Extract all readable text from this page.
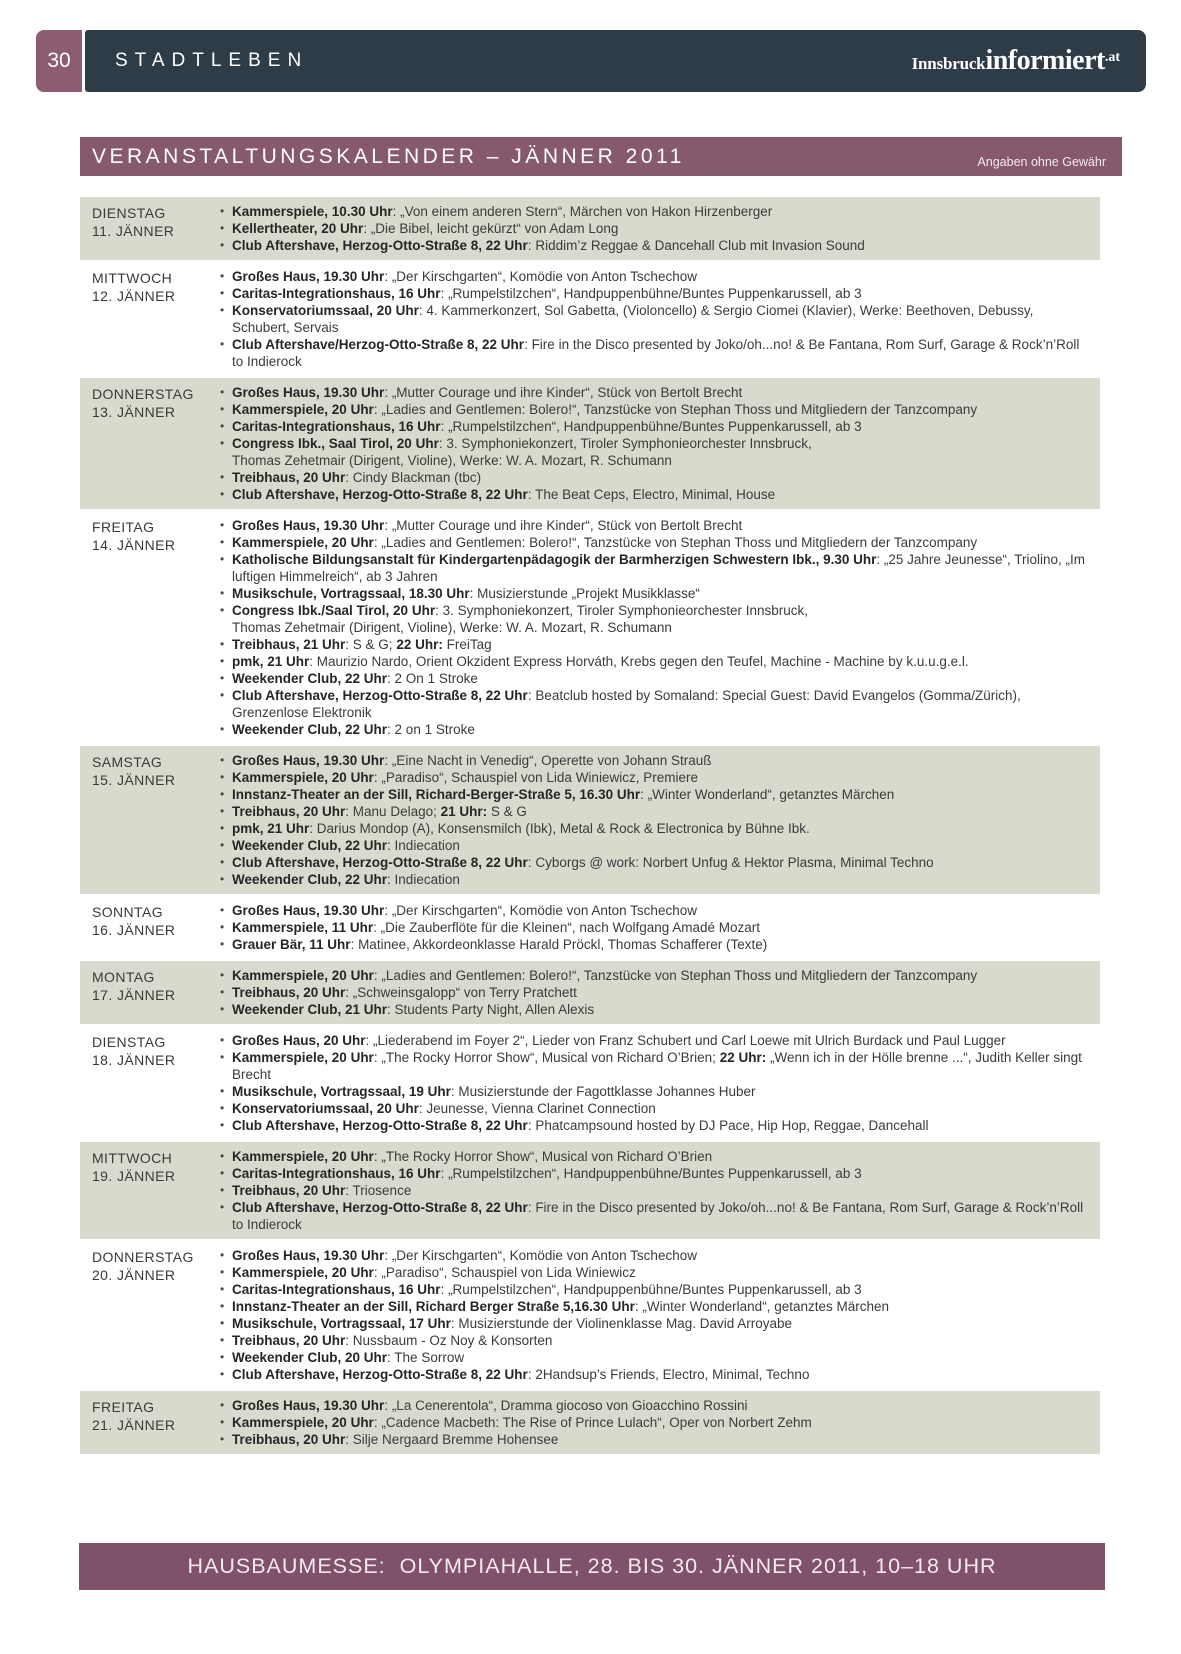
30	STADTLEBEN	Innsbruck informiert .at
VERANSTALTUNGSKALENDER – JÄNNER 2011	Angaben ohne Gewähr
DIENSTAG
11. JÄNNER
• Kammerspiele, 10.30 Uhr: „Von einem anderen Stern“, Märchen von Hakon Hirzenberger
• Kellertheater, 20 Uhr: „Die Bibel, leicht gekürzt“ von Adam Long
• Club Aftershave, Herzog-Otto-Straße 8, 22 Uhr: Riddim’z Reggae & Dancehall Club mit Invasion Sound
MITTWOCH
12. JÄNNER
• Großes Haus, 19.30 Uhr: „Der Kirschgarten“, Komödie von Anton Tschechow
• Caritas-Integrationshaus, 16 Uhr: „Rumpelstilzchen“, Handpuppenbühne/Buntes Puppenkarussell, ab 3
• Konservatoriumssaal, 20 Uhr: 4. Kammerkonzert, Sol Gabetta, (Violoncello) & Sergio Ciomei (Klavier), Werke: Beethoven, Debussy, Schubert, Servais
• Club Aftershave/Herzog-Otto-Straße 8, 22 Uhr: Fire in the Disco presented by Joko/oh...no! & Be Fantana, Rom Surf, Garage & Rock’n’Roll to Indierock
DONNERSTAG
13. JÄNNER
• Großes Haus, 19.30 Uhr: „Mutter Courage und ihre Kinder“, Stück von Bertolt Brecht
• Kammerspiele, 20 Uhr: „Ladies and Gentlemen: Bolero!“, Tanzstücke von Stephan Thoss und Mitgliedern der Tanzcompany
• Caritas-Integrationshaus, 16 Uhr: „Rumpelstilzchen“, Handpuppenbühne/Buntes Puppenkarussell, ab 3
• Congress Ibk., Saal Tirol, 20 Uhr: 3. Symphoniekonzert, Tiroler Symphonieorchester Innsbruck,
Thomas Zehetmair (Dirigent, Violine), Werke: W. A. Mozart, R. Schumann
• Treibhaus, 20 Uhr: Cindy Blackman (tbc)
• Club Aftershave, Herzog-Otto-Straße 8, 22 Uhr: The Beat Ceps, Electro, Minimal, House
FREITAG
14. JÄNNER
• Großes Haus, 19.30 Uhr: „Mutter Courage und ihre Kinder“, Stück von Bertolt Brecht
• Kammerspiele, 20 Uhr: „Ladies and Gentlemen: Bolero!“, Tanzstücke von Stephan Thoss und Mitgliedern der Tanzcompany
• Katholische Bildungsanstalt für Kindergartenpädagogik der Barmherzigen Schwestern Ibk., 9.30 Uhr: „25 Jahre Jeunesse“, Triolino, „Im luftigen Himmelreich“, ab 3 Jahren
• Musikschule, Vortragssaal, 18.30 Uhr: Musizierstunde „Projekt Musikklasse“
• Congress Ibk./Saal Tirol, 20 Uhr: 3. Symphoniekonzert, Tiroler Symphonieorchester Innsbruck,
Thomas Zehetmair (Dirigent, Violine), Werke: W. A. Mozart, R. Schumann
• Treibhaus, 21 Uhr: S & G; 22 Uhr: FreiTag
• pmk, 21 Uhr: Maurizio Nardo, Orient Okzident Express Horváth, Krebs gegen den Teufel, Machine - Machine by k.u.u.g.e.l.
• Weekender Club, 22 Uhr: 2 On 1 Stroke
• Club Aftershave, Herzog-Otto-Straße 8, 22 Uhr: Beatclub hosted by Somaland: Special Guest: David Evangelos (Gomma/Zürich), Grenzenlose Elektronik
• Weekender Club, 22 Uhr: 2 on 1 Stroke
SAMSTAG
15. JÄNNER
• Großes Haus, 19.30 Uhr: „Eine Nacht in Venedig“, Operette von Johann Strauß
• Kammerspiele, 20 Uhr: „Paradiso“, Schauspiel von Lida Winiewicz, Premiere
• Innstanz-Theater an der Sill, Richard-Berger-Straße 5, 16.30 Uhr: „Winter Wonderland“, getanztes Märchen
• Treibhaus, 20 Uhr: Manu Delago; 21 Uhr: S & G
• pmk, 21 Uhr: Darius Mondop (A), Konsensmilch (Ibk), Metal & Rock & Electronica by Bühne Ibk.
• Weekender Club, 22 Uhr: Indiecation
• Club Aftershave, Herzog-Otto-Straße 8, 22 Uhr: Cyborgs @ work: Norbert Unfug & Hektor Plasma, Minimal Techno
• Weekender Club, 22 Uhr: Indiecation
SONNTAG
16. JÄNNER
• Großes Haus, 19.30 Uhr: „Der Kirschgarten“, Komödie von Anton Tschechow
• Kammerspiele, 11 Uhr: „Die Zauberflöte für die Kleinen“, nach Wolfgang Amadé Mozart
• Grauer Bär, 11 Uhr: Matinee, Akkordeonklasse Harald Pröckl, Thomas Schafferer (Texte)
MONTAG
17. JÄNNER
• Kammerspiele, 20 Uhr: „Ladies and Gentlemen: Bolero!“, Tanzstücke von Stephan Thoss und Mitgliedern der Tanzcompany
• Treibhaus, 20 Uhr: „Schweinsgalopp“ von Terry Pratchett
• Weekender Club, 21 Uhr: Students Party Night, Allen Alexis
DIENSTAG
18. JÄNNER
• Großes Haus, 20 Uhr: „Liederabend im Foyer 2“, Lieder von Franz Schubert und Carl Loewe mit Ulrich Burdack und Paul Lugger
• Kammerspiele, 20 Uhr: „The Rocky Horror Show“, Musical von Richard O’Brien; 22 Uhr: „Wenn ich in der Hölle brenne ...“, Judith Keller singt Brecht
• Musikschule, Vortragssaal, 19 Uhr: Musizierstunde der Fagottklasse Johannes Huber
• Konservatoriumssaal, 20 Uhr: Jeunesse, Vienna Clarinet Connection
• Club Aftershave, Herzog-Otto-Straße 8, 22 Uhr: Phatcampsound hosted by DJ Pace, Hip Hop, Reggae, Dancehall
MITTWOCH
19. JÄNNER
• Kammerspiele, 20 Uhr: „The Rocky Horror Show“, Musical von Richard O’Brien
• Caritas-Integrationshaus, 16 Uhr: „Rumpelstilzchen“, Handpuppenbühne/Buntes Puppenkarussell, ab 3
• Treibhaus, 20 Uhr: Triosence
• Club Aftershave, Herzog-Otto-Straße 8, 22 Uhr: Fire in the Disco presented by Joko/oh...no! & Be Fantana, Rom Surf, Garage & Rock’n’Roll to Indierock
DONNERSTAG
20. JÄNNER
• Großes Haus, 19.30 Uhr: „Der Kirschgarten“, Komödie von Anton Tschechow
• Kammerspiele, 20 Uhr: „Paradiso“, Schauspiel von Lida Winiewicz
• Caritas-Integrationshaus, 16 Uhr: „Rumpelstilzchen“, Handpuppenbühne/Buntes Puppenkarussell, ab 3
• Innstanz-Theater an der Sill, Richard Berger Straße 5,16.30 Uhr: „Winter Wonderland“, getanztes Märchen
• Musikschule, Vortragssaal, 17 Uhr: Musizierstunde der Violinenklasse Mag. David Arroyabe
• Treibhaus, 20 Uhr: Nussbaum - Oz Noy & Konsorten
• Weekender Club, 20 Uhr: The Sorrow
• Club Aftershave, Herzog-Otto-Straße 8, 22 Uhr: 2Handsup’s Friends, Electro, Minimal, Techno
FREITAG
21. JÄNNER
• Großes Haus, 19.30 Uhr: „La Cenerentola“, Dramma giocoso von Gioacchino Rossini
• Kammerspiele, 20 Uhr: „Cadence Macbeth: The Rise of Prince Lulach“, Oper von Norbert Zehm
• Treibhaus, 20 Uhr: Silje Nergaard Bremme Hohensee
HAUSBAUMESSE:  OLYMPIAHALLE, 28. BIS 30. JÄNNER 2011, 10–18 UHR
